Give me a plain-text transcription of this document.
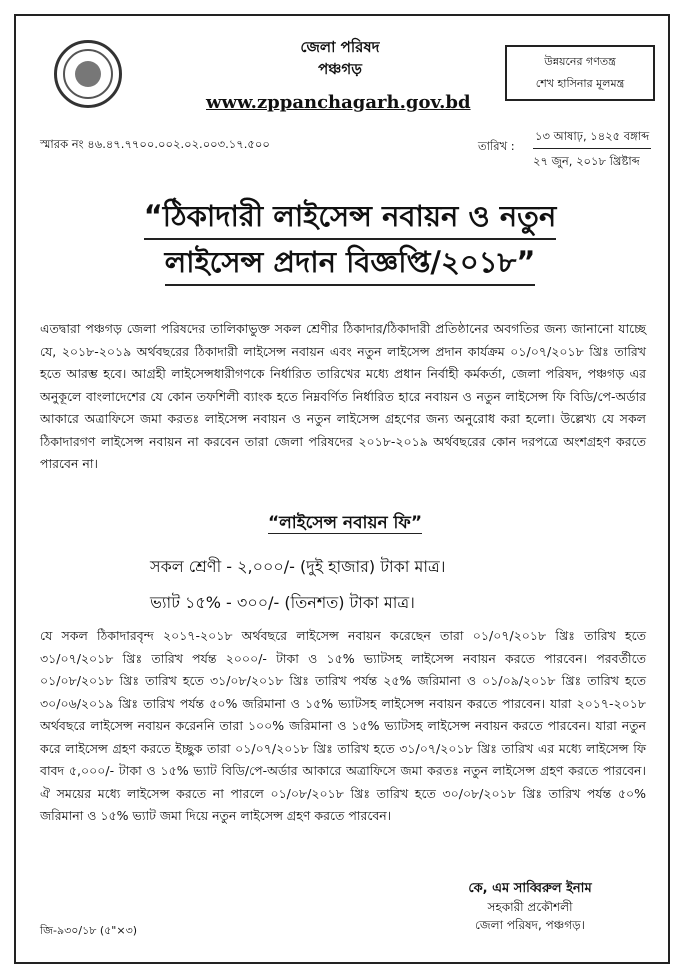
জেলা পরিষদ
পঞ্চগড়
www.zppanchagarh.gov.bd
উন্নয়নের গণতন্ত্র
শেখ হাসিনার মূলমন্ত্র
স্মারক নং ৪৬.৪৭.৭৭০০.০০২.০২.০০৩.১৭.৫০০	তারিখ :
১৩ আষাঢ়, ১৪২৫ বঙ্গাব্দ
২৭ জুন, ২০১৮ খ্রিষ্টাব্দ
“ঠিকাদারী লাইসেন্স নবায়ন ও নতুন
লাইসেন্স প্রদান বিজ্ঞপ্তি/২০১৮”
এতদ্বারা পঞ্চগড় জেলা পরিষদের তালিকাভুক্ত সকল শ্রেণীর ঠিকাদার/ঠিকাদারী প্রতিষ্ঠানের অবগতির জন্য জানানো যাচ্ছে যে, ২০১৮-২০১৯ অর্থবছরের ঠিকাদারী লাইসেন্স নবায়ন এবং নতুন লাইসেন্স প্রদান কার্যক্রম ০১/০৭/২০১৮ খ্রিঃ তারিখ হতে আরম্ভ হবে। আগ্রহী লাইসেন্সধারীগণকে নির্ধারিত তারিখের মধ্যে প্রধান নির্বাহী কর্মকর্তা, জেলা পরিষদ, পঞ্চগড় এর অনুকূলে বাংলাদেশের যে কোন তফশিলী ব্যাংক হতে নিম্নবর্ণিত নির্ধারিত হারে নবায়ন ও নতুন লাইসেন্স ফি বিডি/পে-অর্ডার আকারে অত্রাফিসে জমা করতঃ লাইসেন্স নবায়ন ও নতুন লাইসেন্স গ্রহণের জন্য অনুরোধ করা হলো। উল্লেখ্য যে সকল ঠিকাদারগণ লাইসেন্স নবায়ন না করবেন তারা জেলা পরিষদের ২০১৮-২০১৯ অর্থবছরের কোন দরপত্রে অংশগ্রহণ করতে পারবেন না।
“লাইসেন্স নবায়ন ফি”
সকল শ্রেণী - ২,০০০/- (দুই হাজার) টাকা মাত্র।
ভ্যাট ১৫% - ৩০০/- (তিনশত) টাকা মাত্র।
যে সকল ঠিকাদারবৃন্দ ২০১৭-২০১৮ অর্থবছরে লাইসেন্স নবায়ন করেছেন তারা ০১/০৭/২০১৮ খ্রিঃ তারিখ হতে ৩১/০৭/২০১৮ খ্রিঃ তারিখ পর্যন্ত ২০০০/- টাকা ও ১৫% ভ্যাটসহ লাইসেন্স নবায়ন করতে পারবেন। পরবর্তীতে ০১/০৮/২০১৮ খ্রিঃ তারিখ হতে ৩১/০৮/২০১৮ খ্রিঃ তারিখ পর্যন্ত ২৫% জরিমানা ও ০১/০৯/২০১৮ খ্রিঃ তারিখ হতে ৩০/০৬/২০১৯ খ্রিঃ তারিখ পর্যন্ত ৫০% জরিমানা ও ১৫% ভ্যাটসহ লাইসেন্স নবায়ন করতে পারবেন। যারা ২০১৭-২০১৮ অর্থবছরে লাইসেন্স নবায়ন করেননি তারা ১০০% জরিমানা ও ১৫% ভ্যাটসহ লাইসেন্স নবায়ন করতে পারবেন। যারা নতুন করে লাইসেন্স গ্রহণ করতে ইচ্ছুক তারা ০১/০৭/২০১৮ খ্রিঃ তারিখ হতে ৩১/০৭/২০১৮ খ্রিঃ তারিখ এর মধ্যে লাইসেন্স ফি বাবদ ৫,০০০/- টাকা ও ১৫% ভ্যাট বিডি/পে-অর্ডার আকারে অত্রাফিসে জমা করতঃ নতুন লাইসেন্স গ্রহণ করতে পারবেন। ঐ সময়ের মধ্যে লাইসেন্স করতে না পারলে ০১/০৮/২০১৮ খ্রিঃ তারিখ হতে ৩০/০৮/২০১৮ খ্রিঃ তারিখ পর্যন্ত ৫০% জরিমানা ও ১৫% ভ্যাট জমা দিয়ে নতুন লাইসেন্স গ্রহণ করতে পারবেন।
কে, এম সাব্বিরুল ইনাম
সহকারী প্রকৌশলী
জেলা পরিষদ, পঞ্চগড়।
জি-৯৩০/১৮ (৫"×৩)
